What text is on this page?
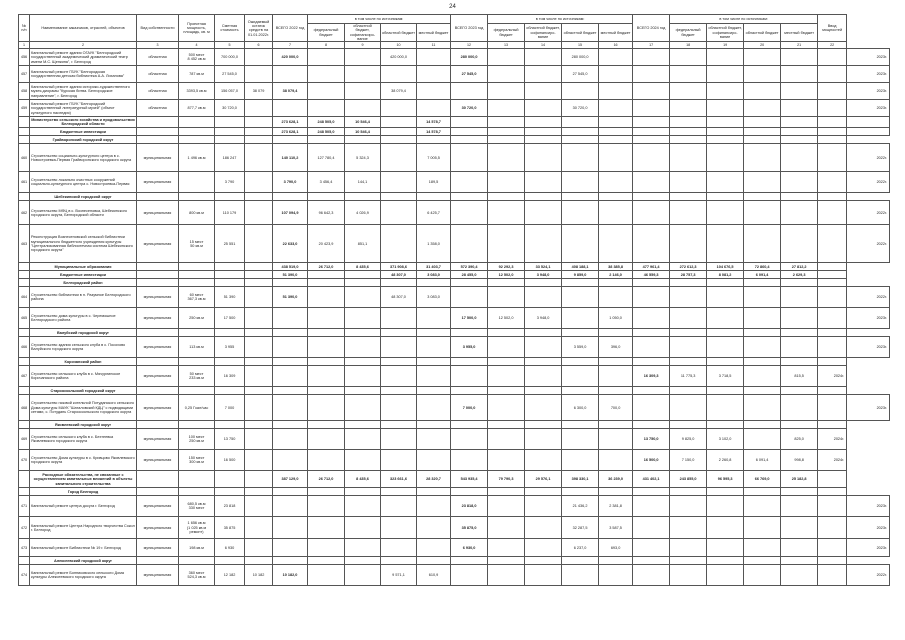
24
№ п/п	Наименование заказчиков, отраслей, объектов	Вид собственности	Проектная мощность, площадь, кв. м	Сметная стоимость	Ожидаемый остаток средств на 01.01.2022г.	ВСЕГО 2022 год	в том числе по источникам:				ВСЕГО 2023 год	в том числе по источникам:				ВСЕГО 2024 год	в том числе по источникам:				Ввод мощностей	
							федеральный бюджет	областной бюджет, софинансиро-вание	областной бюджет	местный бюджет		федеральный бюджет	областной бюджет, софинансиро-вание	областной бюджет	местный бюджет		федеральный бюджет	областной бюджет, софинансиро-вание	областной бюджет	местный бюджет		
1	2	3	4	5	6	7	8	9	10	11	12	13	14	15	16	17	18	19	20	21	22	
456	Капитальный ремонт здания ОГАУК "Белгородский государственный академический драматический театр имени М.С. Щепкина", г. Белгород	областная	500 мест
8 452 кв.м	700 000,0		420 000,0			420 000,0		280 000,0			280 000,0								2023г.
457	Капитальный ремонт ГБУК "Белгородская государственная детская библиотека А.А. Лиханова"	областная	787 кв.м	27 545,0							27 545,0			27 545,0								2023г.
458	Капитальный ремонт здания историко-художественного музея-диорамы "Курская битва. Белгородское направление", г. Белгород	областная	3393,5 кв.м	156 057,0	38 079	38 079,4			38 079,4													2023г.
459	Капитальный ремонт ГБУК "Белгородский государственный литературный музей" (объект культурного наследия)	областная	877,7 кв.м	30 720,0							30 720,0			30 720,0								2023г.
	Министерство сельского хозяйства и продовольствия Белгородской области					273 628,1	248 505,0	10 546,4		14 578,7												
	Бюджетные инвестиции					273 628,1	248 505,0	10 546,4		14 578,7												
	Грайворонский городской округ																					
460	Строительство социально-культурного центра в с. Новостроевка-Первая Грайворонского городского округа	муниципальная	1 496 кв.м	186 247		140 110,2	127 780,4	5 324,3		7 005,5												2022г.
461	Строительство локально очистных сооружений социально-культурного центра с. Новостроевка-Первая	муниципальная		3 790		3 790,0	3 456,4	144,1		189,5												2022г.
	Шебекинский городской округ																					
462	Строительство МФЦ в с. Вознесеновка, Шебекинского городского округа, Белгородской области	муниципальная	800 кв.м	110 179		107 094,9	96 642,3	4 026,9		6 425,7												2022г.
463	Реконструкция Вознесеновской сельской библиотеки муниципального бюджетного учреждения культуры "Централизованная библиотечная система Шебекинского городского округа"	муниципальная	15 мест
50 кв.м	25 551		22 633,0	20 423,9	851,1		1 358,0												2022г.
	Муниципальные образования					438 519,0	26 712,0	8 435,6	371 908,6	31 403,7	572 390,4	92 292,3	33 524,1	408 188,1	38 385,8	477 961,4	272 612,3	104 676,5	72 860,4	27 812,2		
	Бюджетные инвестиции					51 390,0			48 307,0	3 083,0	28 455,0	12 502,0	3 948,0	9 859,0	2 146,0	46 559,3	28 757,3	8 081,2	6 091,4	2 629,3		
	Белгородский район																					
464	Строительство библиотеки в п. Разумное Белгородского района	муниципальная	60 мест
367,3 кв.м	51 390		51 390,0			48 307,0	3 083,0												2022г.
465	Строительство дома культуры в с. Черемошное Белгородского района	муниципальная	250 кв.м	17 500							17 500,0	12 502,0	3 948,0		1 050,0							2023г.
	Валуйский городской округ																					
466	Строительство здания сельского клуба в с. Посохово Валуйского городского округа	муниципальная	113 кв.м	3 955							3 955,0			3 559,0	396,0							2023г.
	Корочанский район																					
467	Строительство сельского клуба в с. Мячурлинское Корочанского района	муниципальная	50 мест
233 кв.м	16 309												16 309,3	11 775,3	3 718,5		815,5	2024г.	
	Старооскольский городской округ																					
468	Строительство газовой котельной Потуданского сельского Дома культуры МАУК "Шаталовский КДЦ" с подводящими сетями, с. Потудань Старооскольского городского округа	муниципальная	0,25 Гкал/час	7 000							7 000,0			6 300,0	700,0							2023г.
	Яковлевский городской округ																					
469	Строительство сельского клуба в с. Бехтеевка Яковлевского городского округа	муниципальная	100 мест
250 кв.м	13 750												13 750,0	9 825,0	3 102,0		825,0	2024г.	
470	Строительство Дома культуры в с. Кривцово Яковлевского городского округа	муниципальная	150 мест
300 кв.м	16 500												16 500,0	7 150,0	2 260,8	6 091,4	998,8	2024г.	
	Расходные обязательства, не связанные с осуществлением капитальных вложений в объекты капитального строительства					387 129,0	26 712,0	8 435,6	323 661,6	28 320,7	543 935,4	79 790,3	29 576,1	398 330,1	36 239,0	431 402,1	243 855,0	96 595,3	66 769,0	25 182,8		
	Город Белгород																					
471	Капитальный ремонт центра досуга г. Белгород	муниципальная	680,5 кв.м
330 мест	23 818							23 818,0			21 436,2	2 381,8							2023г.
472	Капитальный ремонт Центра Народного творчества Сокол г. Белгород	муниципальная	1 656 кв.м
(1 025 кв.м ремонт)	35 875							35 875,0			32 287,5	3 587,5							2023г.
473	Капитальный ремонт Библиотеки № 19 г. Белгород	муниципальная	198 кв.м	6 930							6 930,0			6 237,0	693,0							2023г.
	Алексеевский городской округ																					
474	Капитальный ремонт Бонниковского сельского Дома культуры Алексеевского городского округа	муниципальная	360 мест
524,3 кв.м	12 182	10 182	10 182,0			9 571,1	610,9												2022г.
